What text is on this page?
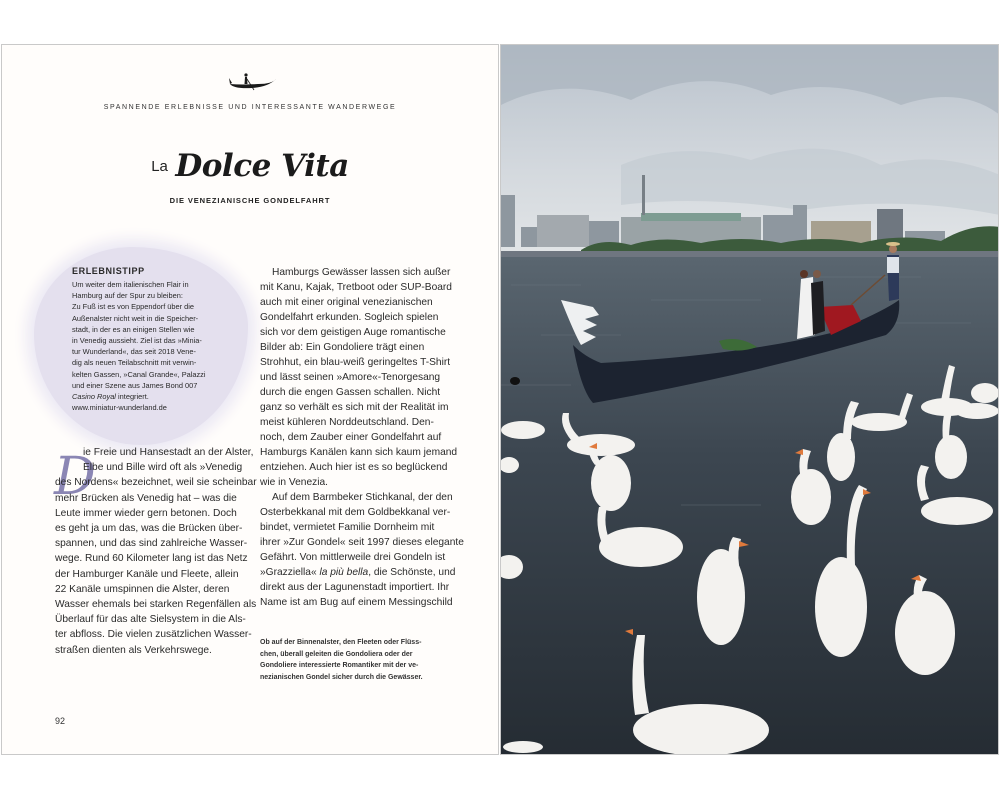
SPANNENDE ERLEBNISSE UND INTERESSANTE WANDERWEGE
La Dolce Vita
DIE VENEZIANISCHE GONDELFAHRT
ERLEBNISTIPP
Um weiter dem italienischen Flair in
Hamburg auf der Spur zu bleiben:
Zu Fuß ist es von Eppendorf über die
Außenalster nicht weit in die Speicher-
stadt, in der es an einigen Stellen wie
in Venedig aussieht. Ziel ist das »Minia-
tur Wunderland«, das seit 2018 Vene-
dig als neuen Teilabschnitt mit verwin-
kelten Gassen, »Canal Grande«, Palazzi
und einer Szene aus James Bond 007
Casino Royal integriert.
www.miniatur-wunderland.de
D
ie Freie und Hansestadt an der Alster,
Elbe und Bille wird oft als »Venedig
des Nordens« bezeichnet, weil sie scheinbar
mehr Brücken als Venedig hat – was die
Leute immer wieder gern betonen. Doch
es geht ja um das, was die Brücken über-
spannen, und das sind zahlreiche Wasser-
wege. Rund 60 Kilometer lang ist das Netz
der Hamburger Kanäle und Fleete, allein
22 Kanäle umspinnen die Alster, deren
Wasser ehemals bei starken Regenfällen als
Überlauf für das alte Sielsystem in die Als-
ter abfloss. Die vielen zusätzlichen Wasser-
straßen dienten als Verkehrswege.
Hamburgs Gewässer lassen sich außer
mit Kanu, Kajak, Tretboot oder SUP-Board
auch mit einer original venezianischen
Gondelfahrt erkunden. Sogleich spielen
sich vor dem geistigen Auge romantische
Bilder ab: Ein Gondoliere trägt einen
Strohhut, ein blau-weiß geringeltes T-Shirt
und lässt seinen »Amore«-Tenorgesang
durch die engen Gassen schallen. Nicht
ganz so verhält es sich mit der Realität im
meist kühleren Norddeutschland. Den-
noch, dem Zauber einer Gondelfahrt auf
Hamburgs Kanälen kann sich kaum jemand
entziehen. Auch hier ist es so beglückend
wie in Venezia.
Auf dem Barmbeker Stichkanal, der den
Osterbekkanal mit dem Goldbekkanal ver-
bindet, vermietet Familie Dornheim mit
ihrer »Zur Gondel« seit 1997 dieses elegante
Gefährt. Von mittlerweile drei Gondeln ist
»Grazziella« la più bella, die Schönste, und
direkt aus der Lagunenstadt importiert. Ihr
Name ist am Bug auf einem Messingschild
Ob auf der Binnenalster, den Fleeten oder Flüss-
chen, überall geleiten die Gondoliera oder der
Gondoliere interessierte Romantiker mit der ve-
nezianischen Gondel sicher durch die Gewässer.
92
